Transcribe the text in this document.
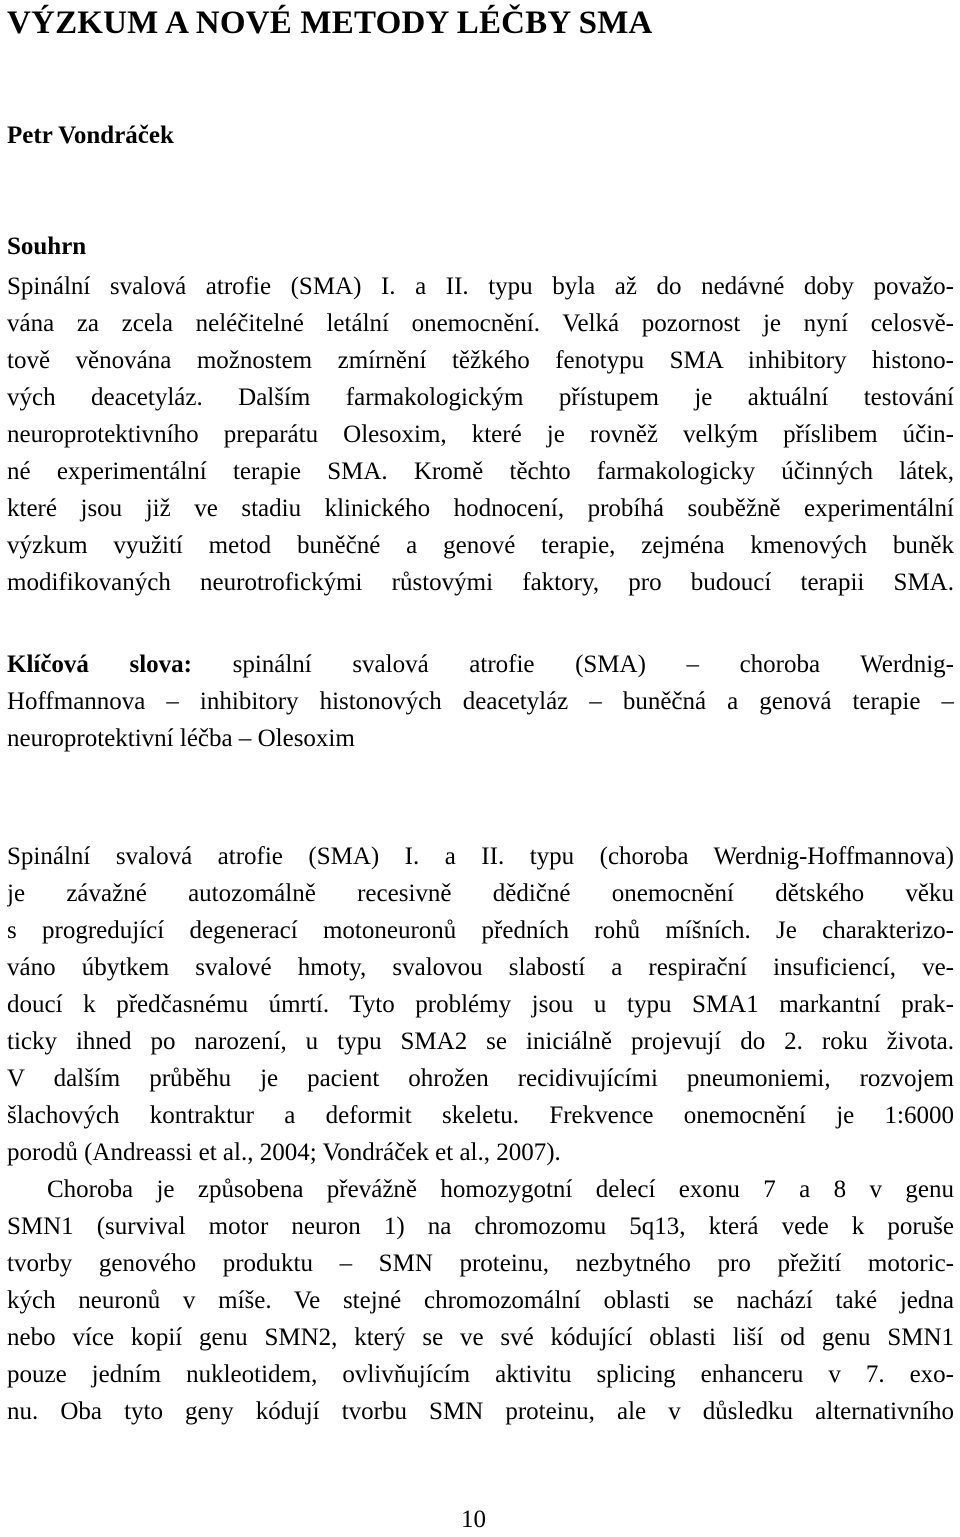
VÝZKUM A NOVÉ METODY LÉČBY SMA
Petr Vondráček
Souhrn
Spinální svalová atrofie (SMA) I. a II. typu byla až do nedávné doby považo-
vána za zcela neléčitelné letální onemocnění. Velká pozornost je nyní celosvě-
tově věnována možnostem zmírnění těžkého fenotypu SMA inhibitory histono-
vých deacetyláz. Dalším farmakologickým přístupem je aktuální testování
neuroprotektivního preparátu Olesoxim, které je rovněž velkým příslibem účin-
né experimentální terapie SMA. Kromě těchto farmakologicky účinných látek,
které jsou již ve stadiu klinického hodnocení, probíhá souběžně experimentální
výzkum využití metod buněčné a genové terapie, zejména kmenových buněk
modifikovaných neurotrofickými růstovými faktory, pro budoucí terapii SMA.
Klíčová slova: spinální svalová atrofie (SMA) – choroba Werdnig-
Hoffmannova – inhibitory histonových deacetyláz – buněčná a genová terapie –
neuroprotektivní léčba – Olesoxim
Spinální svalová atrofie (SMA) I. a II. typu (choroba Werdnig-Hoffmannova)
je závažné autozomálně recesivně dědičné onemocnění dětského věku
s progredující degenerací motoneuronů předních rohů míšních. Je charakterizo-
váno úbytkem svalové hmoty, svalovou slabostí a respirační insuficiencí, ve-
doucí k předčasnému úmrtí. Tyto problémy jsou u typu SMA1 markantní prak-
ticky ihned po narození, u typu SMA2 se iniciálně projevují do 2. roku života.
V dalším průběhu je pacient ohrožen recidivujícími pneumoniemi, rozvojem
šlachových kontraktur a deformit skeletu. Frekvence onemocnění je 1:6000
porodů (Andreassi et al., 2004; Vondráček et al., 2007).
Choroba je způsobena převážně homozygotní delecí exonu 7 a 8 v genu
SMN1 (survival motor neuron 1) na chromozomu 5q13, která vede k poruše
tvorby genového produktu – SMN proteinu, nezbytného pro přežití motoric-
kých neuronů v míše. Ve stejné chromozomální oblasti se nachází také jedna
nebo více kopií genu SMN2, který se ve své kódující oblasti liší od genu SMN1
pouze jedním nukleotidem, ovlivňujícím aktivitu splicing enhanceru v 7. exo-
nu. Oba tyto geny kódují tvorbu SMN proteinu, ale v důsledku alternativního
10
